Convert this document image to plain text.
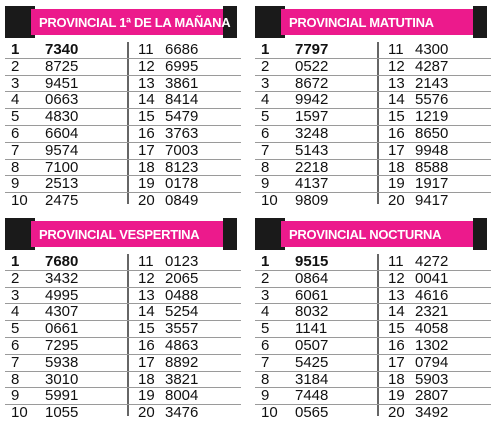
PROVINCIAL 1ª DE LA MAÑANA
1 7340	11 6686
2 8725	12 6995
3 9451	13 3861
4 0663	14 8414
5 4830	15 5479
6 6604	16 3763
7 9574	17 7003
8 7100	18 8123
9 2513	19 0178
10 2475	20 0849
PROVINCIAL MATUTINA
1 7797	11 4300
2 0522	12 4287
3 8672	13 2143
4 9942	14 5576
5 1597	15 1219
6 3248	16 8650
7 5143	17 9948
8 2218	18 8588
9 4137	19 1917
10 9809	20 9417
PROVINCIAL VESPERTINA
1 7680	11 0123
2 3432	12 2065
3 4995	13 0488
4 4307	14 5254
5 0661	15 3557
6 7295	16 4863
7 5938	17 8892
8 3010	18 3821
9 5991	19 8004
10 1055	20 3476
PROVINCIAL NOCTURNA
1 9515	11 4272
2 0864	12 0041
3 6061	13 4616
4 8032	14 2321
5 1141	15 4058
6 0507	16 1302
7 5425	17 0794
8 3184	18 5903
9 7448	19 2807
10 0565	20 3492
